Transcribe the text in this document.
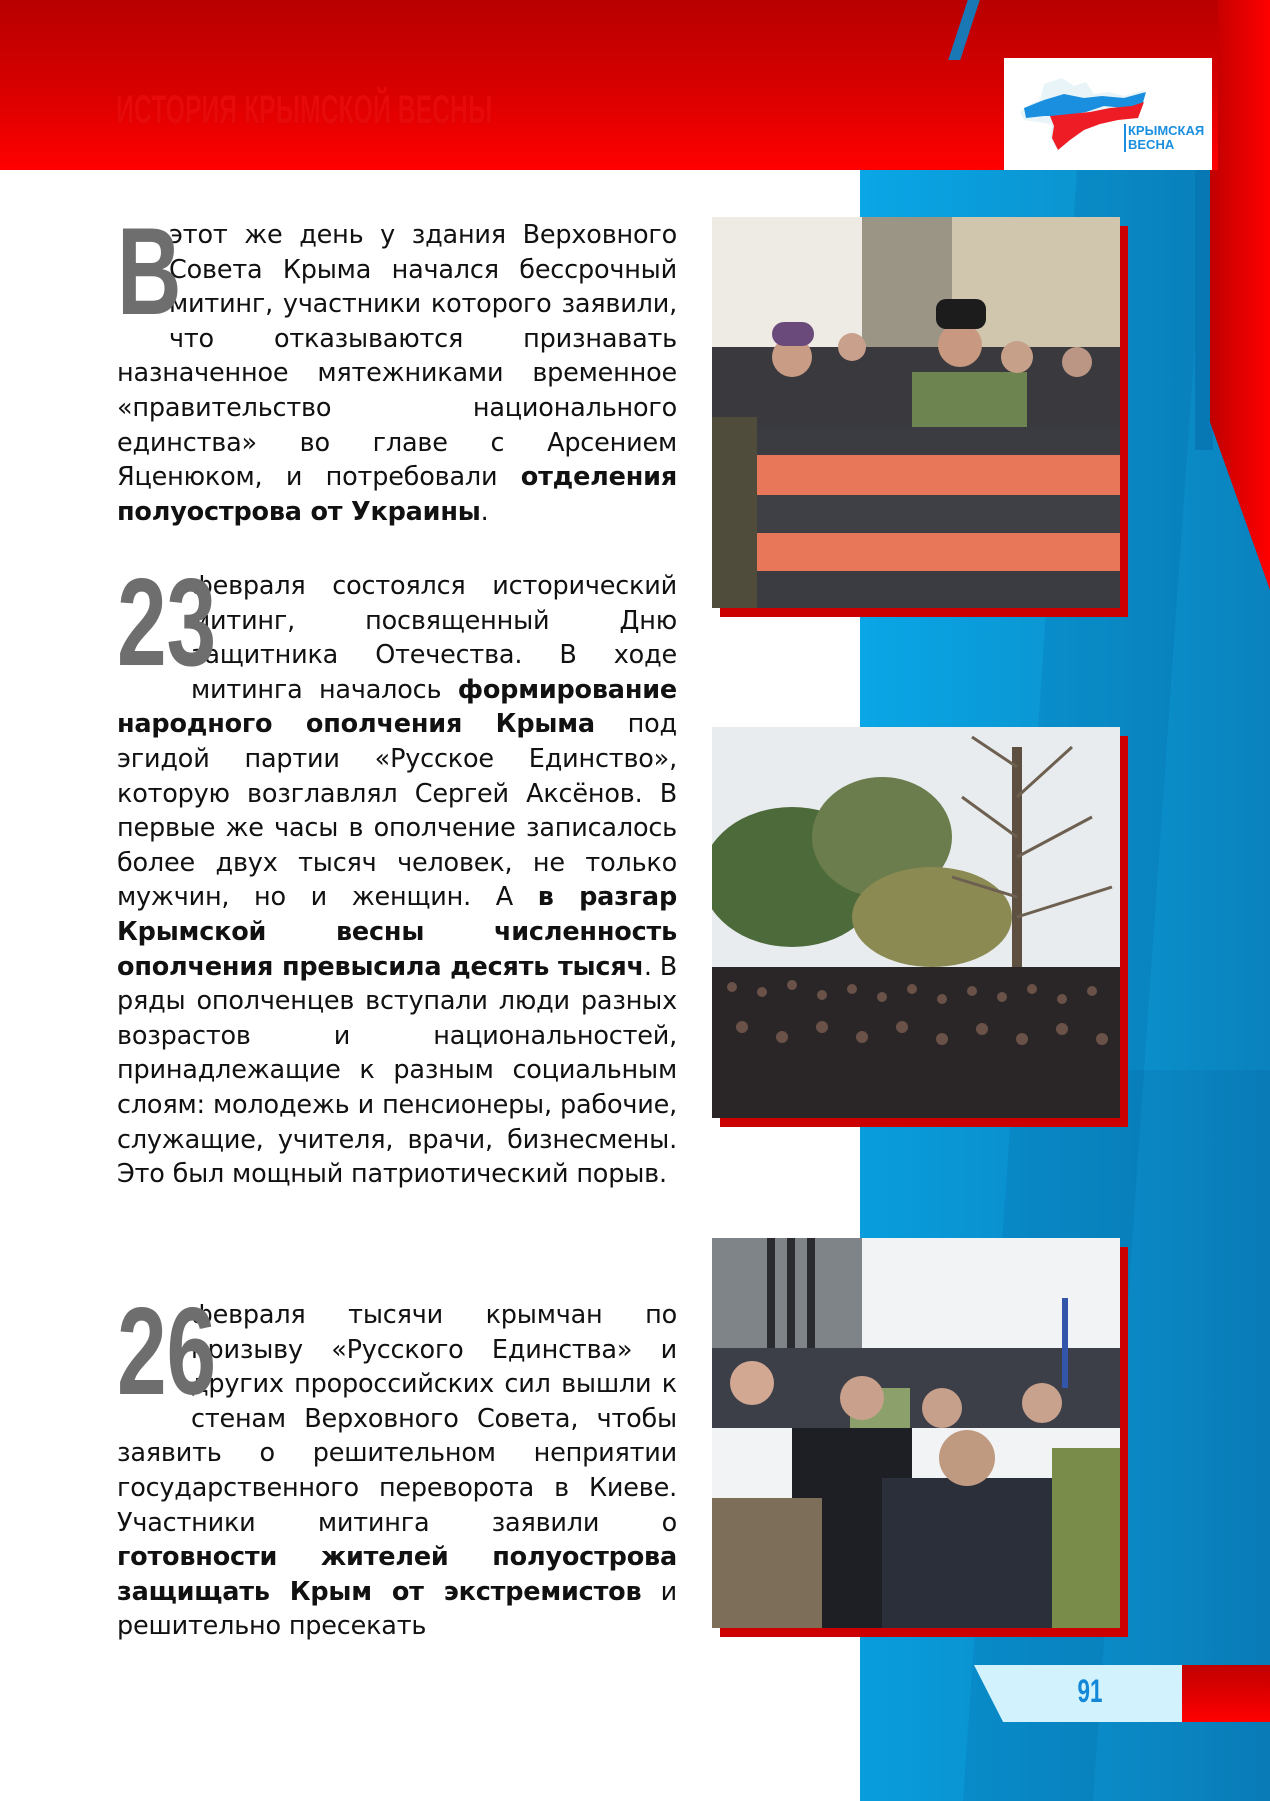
ИСТОРИЯ КРЫМСКОЙ ВЕСНЫ	КРЫМСКАЯ
ВЕСНА
В
этот же день у здания Верховного Совета Крыма начался бессрочный митинг, участники которого заявили, что отказываются признавать назначенное мятежниками временное «правительство национального единства» во главе с Арсением Яценюком, и потребовали отделения полуострова от Украины.
23
февраля состоялся исторический митинг, посвященный Дню защитника Отечества. В ходе митинга началось формирование народного ополчения Крыма под эгидой партии «Русское Единство», которую возглавлял Сергей Аксёнов. В первые же часы в ополчение записалось более двух тысяч человек, не только мужчин, но и женщин. А в разгар Крымской весны численность ополчения превысила десять тысяч. В ряды ополченцев вступали люди разных возрастов и национальностей, принадлежащие к разным социальным слоям: молодежь и пенсионеры, рабочие, служащие, учителя, врачи, бизнесмены. Это был мощный патриотический порыв.
26
февраля тысячи крымчан по призыву «Русского Единства» и других пророссийских сил вышли к стенам Верховного Совета, чтобы заявить о решительном неприятии государственного переворота в Киеве. Участники митинга заявили о готовности жителей полуострова защищать Крым от экстремистов и решительно пресекать
91
